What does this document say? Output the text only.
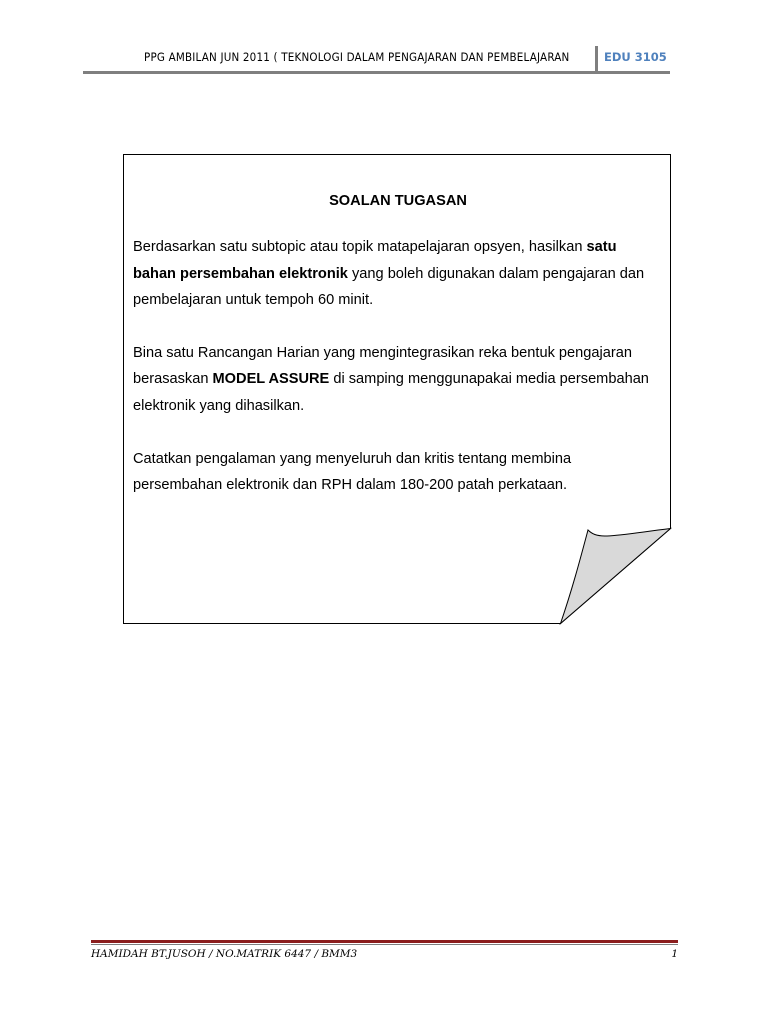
PPG AMBILAN JUN 2011 ( TEKNOLOGI DALAM PENGAJARAN DAN PEMBELAJARAN	EDU 3105
SOALAN TUGASAN

Berdasarkan satu subtopic atau topik matapelajaran opsyen, hasilkan satu bahan persembahan elektronik yang boleh digunakan dalam pengajaran dan pembelajaran untuk tempoh 60 minit.

Bina satu Rancangan Harian yang mengintegrasikan reka bentuk pengajaran berasaskan MODEL ASSURE di samping menggunapakai media persembahan elektronik yang dihasilkan.

Catatkan pengalaman yang menyeluruh dan kritis tentang membina persembahan elektronik dan RPH dalam 180-200 patah perkataan.

HAMIDAH BT.JUSOH / NO.MATRIK 6447 / BMM3	1
